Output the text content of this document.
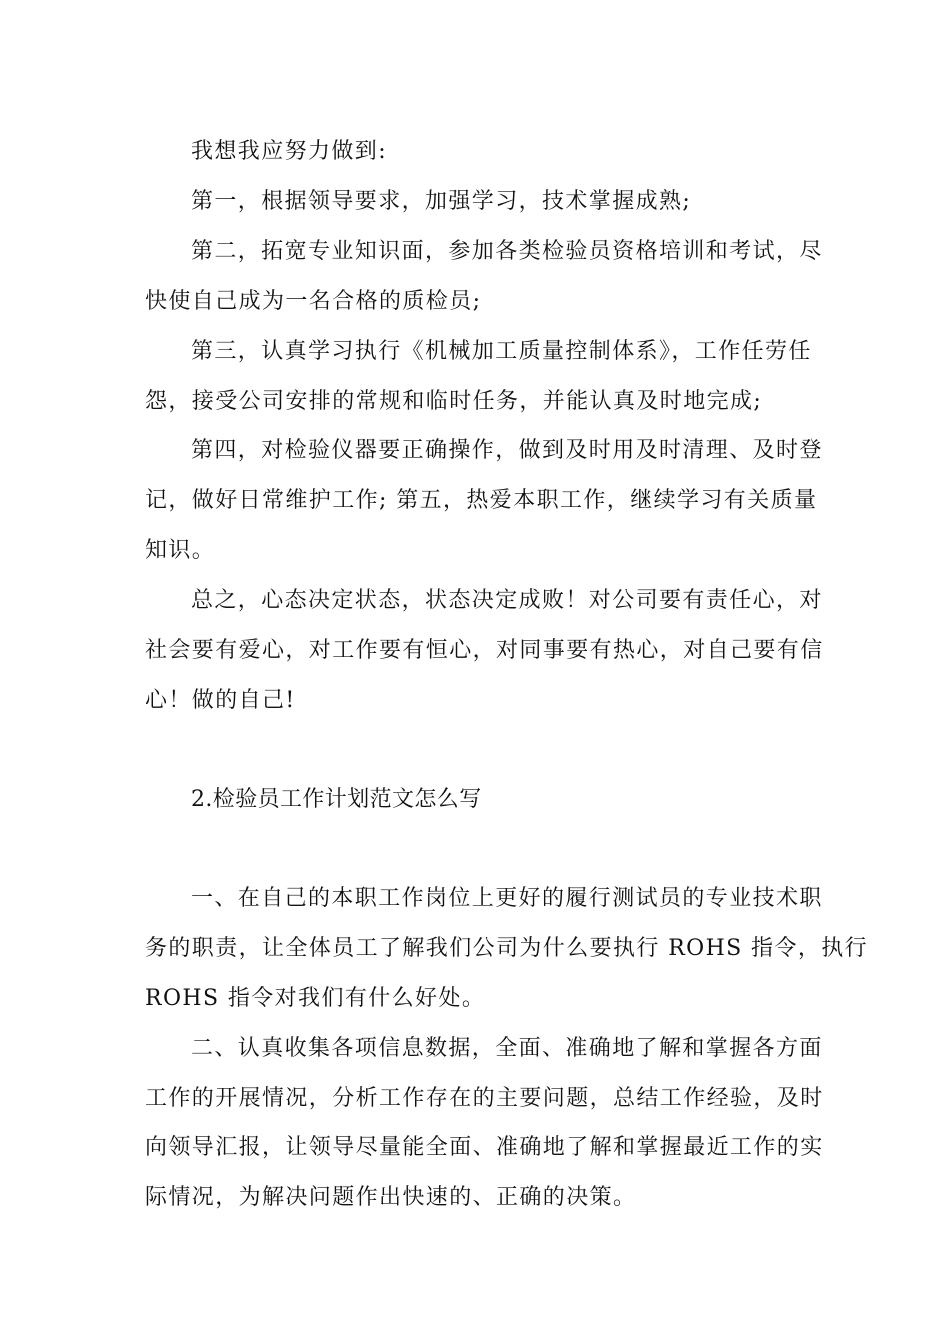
我想我应努力做到:
第一，根据领导要求，加强学习，技术掌握成熟;
第二，拓宽专业知识面，参加各类检验员资格培训和考试，尽
快使自己成为一名合格的质检员;
第三，认真学习执行《机械加工质量控制体系》，工作任劳任
怨，接受公司安排的常规和临时任务，并能认真及时地完成;
第四，对检验仪器要正确操作，做到及时用及时清理、及时登
记，做好日常维护工作; 第五，热爱本职工作，继续学习有关质量
知识。
总之，心态决定状态，状态决定成败！对公司要有责任心，对
社会要有爱心，对工作要有恒心，对同事要有热心，对自己要有信
心！做的自己!
2.检验员工作计划范文怎么写
一、在自己的本职工作岗位上更好的履行测试员的专业技术职
务的职责，让全体员工了解我们公司为什么要执行 ROHS 指令，执行
ROHS 指令对我们有什么好处。
二、认真收集各项信息数据，全面、准确地了解和掌握各方面
工作的开展情况，分析工作存在的主要问题，总结工作经验，及时
向领导汇报，让领导尽量能全面、准确地了解和掌握最近工作的实
际情况，为解决问题作出快速的、正确的决策。
